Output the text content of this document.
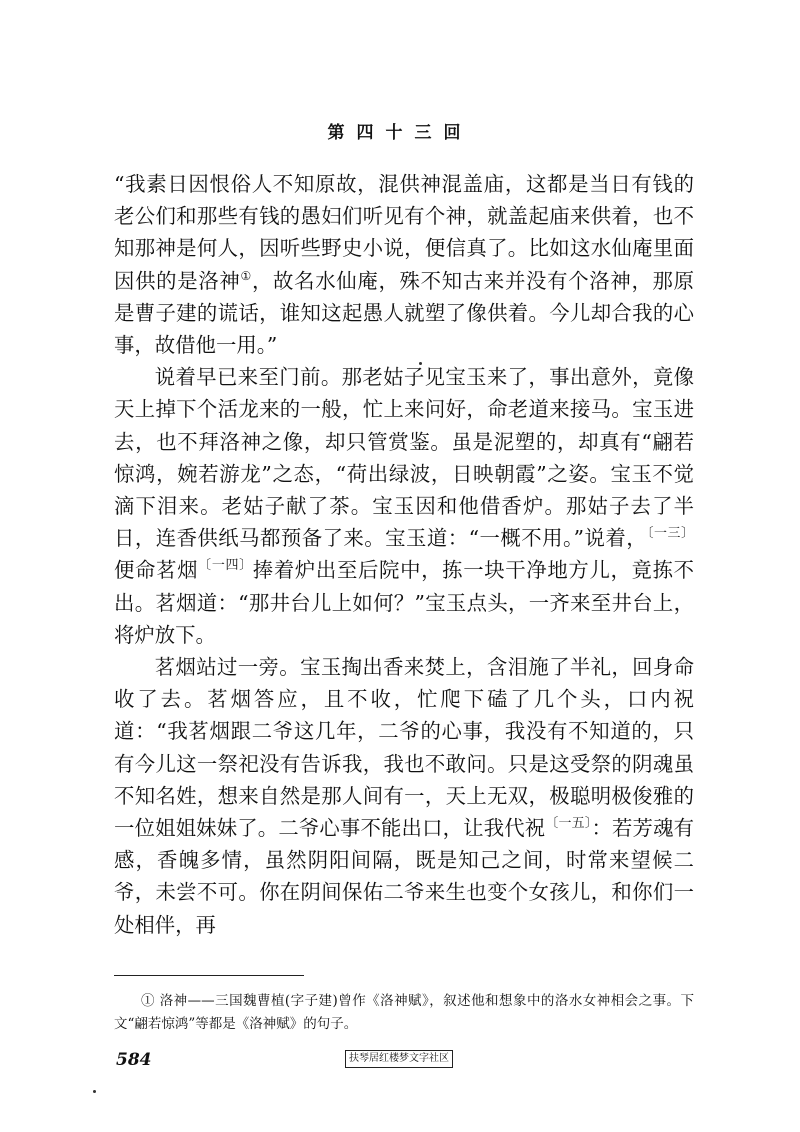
第四十三回

“我素日因恨俗人不知原故，混供神混盖庙，这都是当日有钱的老公们和那些有钱的愚妇们听见有个神，就盖起庙来供着，也不知那神是何人，因听些野史小说，便信真了。比如这水仙庵里面因供的是洛神①，故名水仙庵，殊不知古来并没有个洛神，那原是曹子建的谎话，谁知这起愚人就塑了像供着。今儿却合我的心事，故借他一用。”

说着早已来至门前。那老姑子见宝玉来了，事出意外，竟像天上掉下个活龙来的一般，忙上来问好，命老道来接马。宝玉进去，也不拜洛神之像，却只管赏鉴。虽是泥塑的，却真有“翩若惊鸿，婉若游龙”之态，“荷出绿波，日映朝霞”之姿。宝玉不觉滴下泪来。老姑子献了茶。宝玉因和他借香炉。那姑子去了半日，连香供纸马都预备了来。宝玉道：“一概不用。”说着，$^{〔一三〕}$便命茗烟$^{〔一四〕}$捧着炉出至后院中，拣一块干净地方儿，竟拣不出。茗烟道：“那井台儿上如何？”宝玉点头，一齐来至井台上，将炉放下。

茗烟站过一旁。宝玉掏出香来焚上，含泪施了半礼，回身命收了去。茗烟答应，且不收，忙爬下磕了几个头，口内祝道：“我茗烟跟二爷这几年，二爷的心事，我没有不知道的，只有今儿这一祭祀没有告诉我，我也不敢问。只是这受祭的阴魂虽不知名姓，想来自然是那人间有一，天上无双，极聪明极俊雅的一位姐姐妹妹了。二爷心事不能出口，让我代祝$^{〔一五〕}$：若芳魂有感，香魄多情，虽然阴阳间隔，既是知己之间，时常来望候二爷，未尝不可。你在阴间保佑二爷来生也变个女孩儿，和你们一处相伴，再

① 洛神——三国魏曹植(字子建)曾作《洛神赋》，叙述他和想象中的洛水女神相会之事。下文“翩若惊鸿”等都是《洛神赋》的句子。
584	扶琴居红楼梦文字社区
